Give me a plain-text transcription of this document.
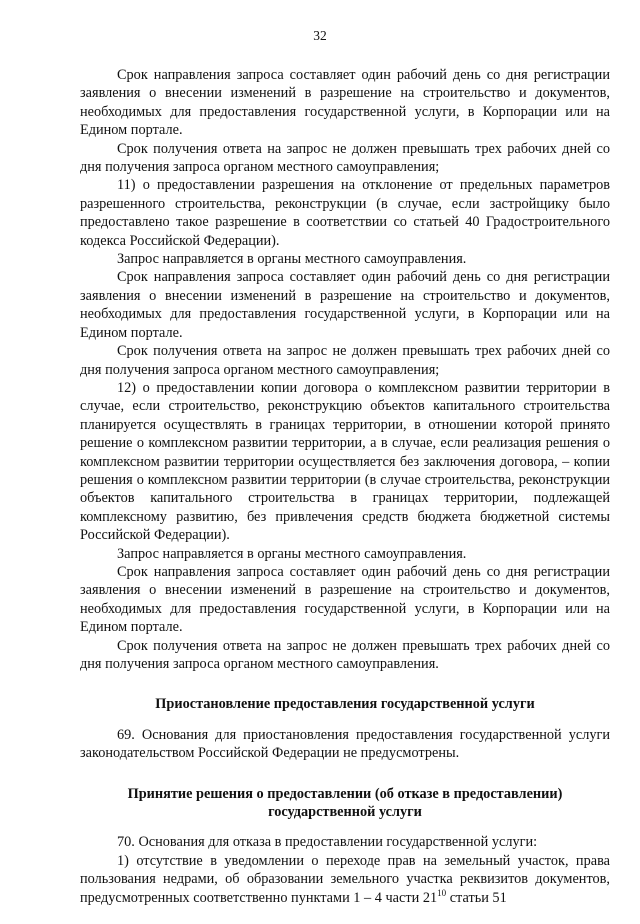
32

Срок направления запроса составляет один рабочий день со дня регистрации заявления о внесении изменений в разрешение на строительство и документов, необходимых для предоставления государственной услуги, в Корпорации или на Едином портале.

Срок получения ответа на запрос не должен превышать трех рабочих дней со дня получения запроса органом местного самоуправления;

11) о предоставлении разрешения на отклонение от предельных параметров разрешенного строительства, реконструкции (в случае, если застройщику было предоставлено такое разрешение в соответствии со статьей 40 Градостроительного кодекса Российской Федерации).

Запрос направляется в органы местного самоуправления.

Срок направления запроса составляет один рабочий день со дня регистрации заявления о внесении изменений в разрешение на строительство и документов, необходимых для предоставления государственной услуги, в Корпорации или на Едином портале.

Срок получения ответа на запрос не должен превышать трех рабочих дней со дня получения запроса органом местного самоуправления;

12) о предоставлении копии договора о комплексном развитии территории в случае, если строительство, реконструкцию объектов капитального строительства планируется осуществлять в границах территории, в отношении которой принято решение о комплексном развитии территории, а в случае, если реализация решения о комплексном развитии территории осуществляется без заключения договора, – копии решения о комплексном развитии территории (в случае строительства, реконструкции объектов капитального строительства в границах территории, подлежащей комплексному развитию, без привлечения средств бюджета бюджетной системы Российской Федерации).

Запрос направляется в органы местного самоуправления.

Срок направления запроса составляет один рабочий день со дня регистрации заявления о внесении изменений в разрешение на строительство и документов, необходимых для предоставления государственной услуги, в Корпорации или на Едином портале.

Срок получения ответа на запрос не должен превышать трех рабочих дней со дня получения запроса органом местного самоуправления.

Приостановление предоставления государственной услуги

69. Основания для приостановления предоставления государственной услуги законодательством Российской Федерации не предусмотрены.

Принятие решения о предоставлении (об отказе в предоставлении)
государственной услуги

70. Основания для отказа в предоставлении государственной услуги:

1) отсутствие в уведомлении о переходе прав на земельный участок, права пользования недрами, об образовании земельного участка реквизитов документов, предусмотренных соответственно пунктами 1 – 4 части $21^{10}$ статьи 51
